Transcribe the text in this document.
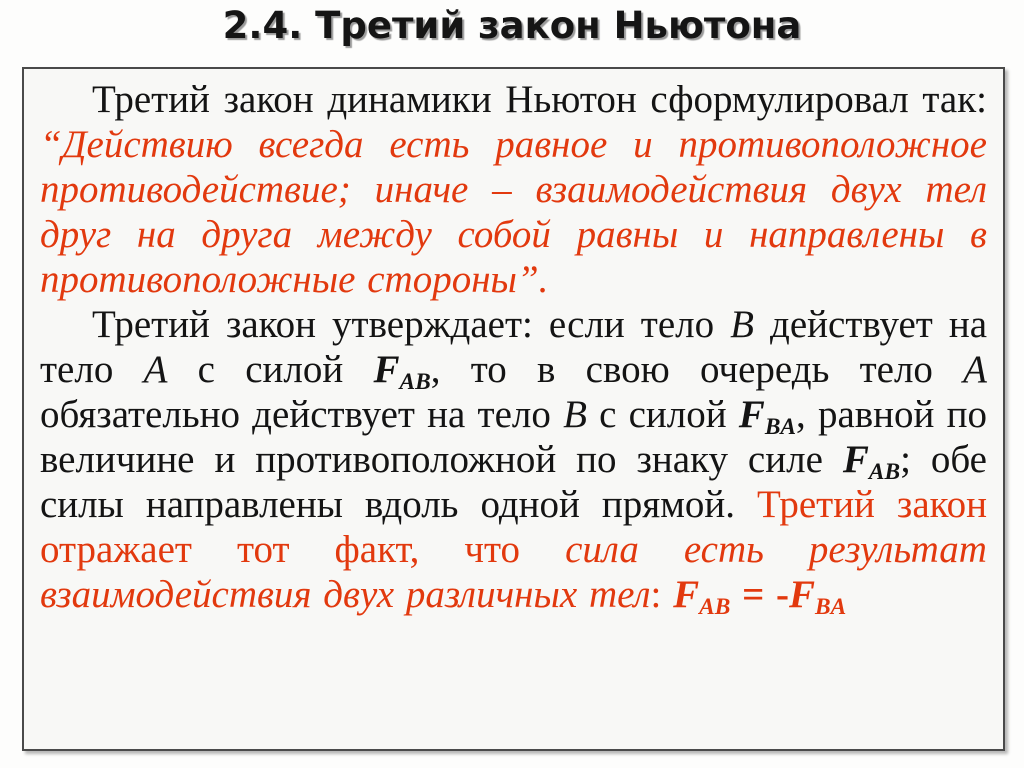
2.4. Третий закон Ньютона

Третий закон динамики Ньютон сформулировал так: “Действию всегда есть равное и противоположное противодействие; иначе – взаимодействия двух тел друг на друга между собой равны и направлены в противоположные стороны”.

Третий закон утверждает: если тело B действует на тело A с силой $F_{AB}$, то в свою очередь тело A обязательно действует на тело B с силой $F_{BA}$, равной по величине и противоположной по знаку силе $F_{AB}$; обе силы направлены вдоль одной прямой. Третий закон отражает тот факт, что сила есть результат взаимодействия двух различных тел: $F_{AB} = -F_{BA}$
